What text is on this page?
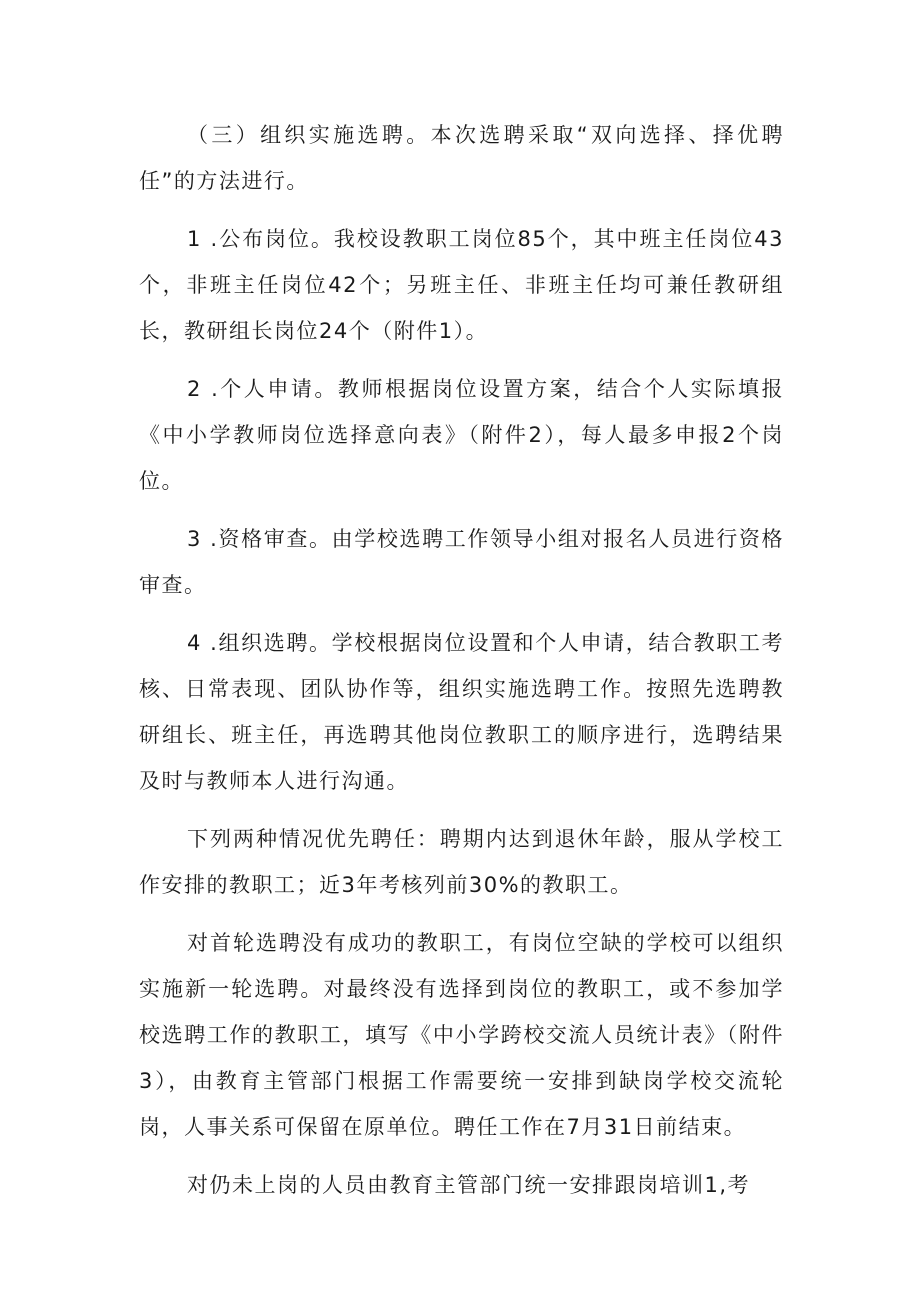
（三）组织实施选聘。本次选聘采取“双向选择、择优聘任”的方法进行。

1 .公布岗位。我校设教职工岗位85个，其中班主任岗位43个，非班主任岗位42个；另班主任、非班主任均可兼任教研组长，教研组长岗位24个（附件1）。

2 .个人申请。教师根据岗位设置方案，结合个人实际填报《中小学教师岗位选择意向表》（附件2），每人最多申报2个岗位。

3 .资格审查。由学校选聘工作领导小组对报名人员进行资格审查。

4 .组织选聘。学校根据岗位设置和个人申请，结合教职工考核、日常表现、团队协作等，组织实施选聘工作。按照先选聘教研组长、班主任，再选聘其他岗位教职工的顺序进行，选聘结果及时与教师本人进行沟通。

下列两种情况优先聘任：聘期内达到退休年龄，服从学校工作安排的教职工；近3年考核列前30%的教职工。

对首轮选聘没有成功的教职工，有岗位空缺的学校可以组织实施新一轮选聘。对最终没有选择到岗位的教职工，或不参加学校选聘工作的教职工，填写《中小学跨校交流人员统计表》（附件3），由教育主管部门根据工作需要统一安排到缺岗学校交流轮岗，人事关系可保留在原单位。聘任工作在7月31日前结束。

对仍未上岗的人员由教育主管部门统一安排跟岗培训1,考
